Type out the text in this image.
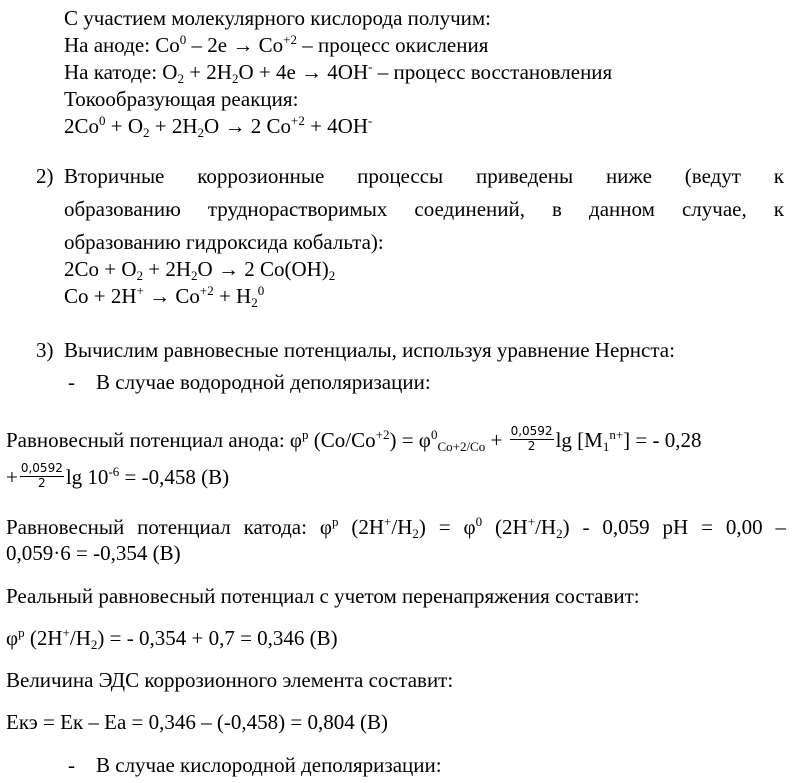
С участием молекулярного кислорода получим:
На аноде: $Co^0 - 2e \to Co^{+2}$ – процесс окисления
На катоде: $O_2 + 2H_2O + 4e \to 4OH^-$ – процесс восстановления
Токообразующая реакция:
$2Co^0 + O_2 + 2H_2O \to 2$ $Co^{+2} + 4OH^-$
2) Вторичные коррозионные процессы приведены ниже (ведут к
образованию труднорастворимых соединений, в данном случае, к
образованию гидроксида кобальта):
$2Co + O_2 + 2H_2O \to 2$ $Co(OH)_2$
$Co + 2H^+ \to Co^{+2} + H_2^0$
3) Вычислим равновесные потенциалы, используя уравнение Нернста:
- В случае водородной деполяризации:
Равновесный потенциал анода: $\varphi^р$ $(Co/Co^{+2}) = \varphi^0_{Co+2/Co} + \frac{0,0592}{2}$ $\lg [M_1^{n+}]$ = - 0,28
+ $\frac{0,0592}{2}$ $\lg 10^{-6} = -0,458$ (В)
Равновесный потенциал катода: $\varphi^р$ $(2H^+/H_2) = \varphi^0$ $(2H^+/H_2) - 0,059$ pH = 0,00 –
0,059·6 = -0,354 (В)
Реальный равновесный потенциал с учетом перенапряжения составит:
$\varphi^р$ $(2H^+/H_2)$ = - 0,354 + 0,7 = 0,346 (В)
Величина ЭДС коррозионного элемента составит:
Екэ = Ек – Еа = 0,346 – (-0,458) = 0,804 (В)
- В случае кислородной деполяризации:
